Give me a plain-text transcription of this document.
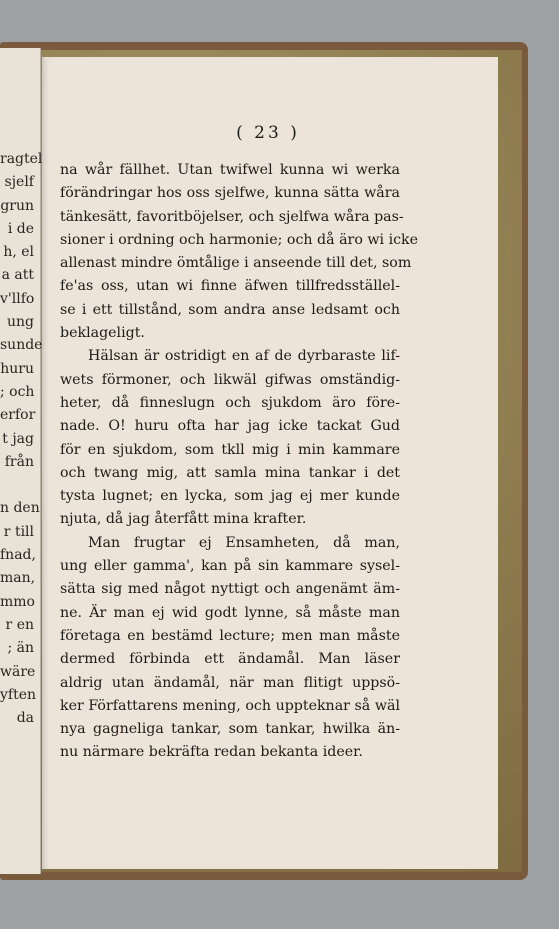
ragtel
sjelf
grun
i de
h, el
a att
v'llfo
ung
sunde
huru
; och
erfor
t jag
från

n den
r till
fnad,
man,
mmo
r en
; än
wäre
yften
da
( 23 )
na wår fällhet. Utan twifwel kunna wi werka
förändringar hos oss sjelfwe, kunna sätta wåra
tänkesätt, favoritböjelser, och sjelfwa wåra pas-
sioner i ordning och harmonie; och då äro wi icke
allenast mindre ömtålige i anseende till det, som
fe'as oss, utan wi finne äfwen tillfredsställel-
se i ett tillstånd, som andra anse ledsamt och
beklageligt.
Hälsan är ostridigt en af de dyrbaraste lif-
wets förmoner, och likwäl gifwas omständig-
heter, då finneslugn och sjukdom äro före-
nade. O! huru ofta har jag icke tackat Gud
för en sjukdom, som tkll mig i min kammare
och twang mig, att samla mina tankar i det
tysta lugnet; en lycka, som jag ej mer kunde
njuta, då jag återfått mina krafter.
Man frugtar ej Ensamheten, då man,
ung eller gamma', kan på sin kammare sysel-
sätta sig med något nyttigt och angenämt äm-
ne. Är man ej wid godt lynne, så måste man
företaga en bestämd lecture; men man måste
dermed förbinda ett ändamål. Man läser
aldrig utan ändamål, när man flitigt uppsö-
ker Författarens mening, och uppteknar så wäl
nya gagneliga tankar, som tankar, hwilka än-
nu närmare bekräfta redan bekanta ideer.
